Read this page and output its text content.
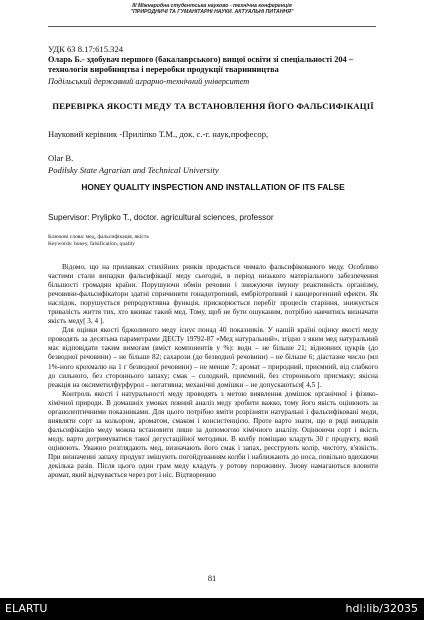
ІІІ Міжнародна студентська науково - технічна конференція
"ПРИРОДНИЧІ ТА ГУМАНІТАРНІ НАУКИ. АКТУАЛЬНІ ПИТАННЯ"
УДК 63 8.17:615.324
Оларь Б.- здобувач першого (бакалаврського) вищої освіти зі спеціальності 204 – технологія виробництва і переробки продукції тваринництва
Подільський державний аграрно-технічний університет
ПЕРЕВІРКА ЯКОСТІ МЕДУ ТА ВСТАНОВЛЕННЯ ЙОГО ФАЛЬСИФІКАЦІЇ
Науковий керівник -Приліпко Т.М., док. с.-г. наук,професор,
Olar B.
Podilsky State Agrarian and Technical University
HONEY QUALITY INSPECTION AND INSTALLATION OF ITS FALSE
Supervisor: Prylipko T., doctor. agricultural sciences, professor
Ключові слова: мед, фальсифікація, якість
Keywords: honey, falsification, quality

Відомо, що на прилавках стихійних ринків продається чимало фальсифікованого меду. Особливо частими стали випадки фальсифікації меду сьогодні, в період низького матеріального забезпечення більшості громадян країни. Порушуючи обмін речовин і знижуючи імунну реактивність організму, речовини-фальсифікатори здатні спричиняти гонадотропний, ембріотропний і канцерогенний ефекти. Як наслідок, порушується репродуктивна функція, прискорюється перебіг процесів старіння, знижується тривалість життя тих, хто вживає такий мед. Тому, щоб не бути ошуканим, потрібно навчитись визначати якість меду[ 3, 4 ].

Для оцінки якості бджолиного меду існує понад 40 показників. У нашій країні оцінку якості меду проводять за десятьма параметрами ДЕСТу 19792-87 «Мед натуральний», згідно з яким мед натуральний має відповідати таким вимогам (вміст компонентів у %): води – не більше 21; відновних цукрів (до безводної речовини) – не більше 82; сахарози (до безводної речовини) – не більше 6; діастазне число (мл 1%-ного крохмалю на 1 г безводної речовини) – не менше 7; аромат – природний, приємний, від слабкого до сильного, без стороннього запаху; смак – солодкий, приємний, без стороннього присмаку; якісна реакція на оксиметилфурфурол – негативна; механічні домішки – не допускаються[ 4,5 ].

Контроль якості і натуральності меду проводять з метою виявлення домішок органічної і фізико-хімічної природи. В домашніх умовах повний аналіз меду зробити важко, тому його якість оцінюють за органолептичними показниками. Для цього потрібно вміти розрізняти натуральні і фальсифіковані меди, виявляти сорт за кольором, ароматом, смаком і консистенцією. Проте варто знати, що в ряді випадків фальсифікацію меду можна встановити лише за допомогою хімічного аналізу. Оцінюючи сорт і якість меду, варто дотримуватися такої дегустаційної методики. В колбу поміщаю кладуть 30 г продукту, який оцінюють. Уважно розглядають мед, визначають його смак і запах, реєструють колір, чистоту, в'язкість. При визначенні запаху продукт змішують погойдуванням колби і наближають до носа, повільно вдихаючи декілька разів. Після цього один грам меду кладуть у ротову порожнину. Знову намагаються вловити аромат, який відчувається через рот і ніс. Відтворенню

81
ELARTU	hdl:lib/32035
